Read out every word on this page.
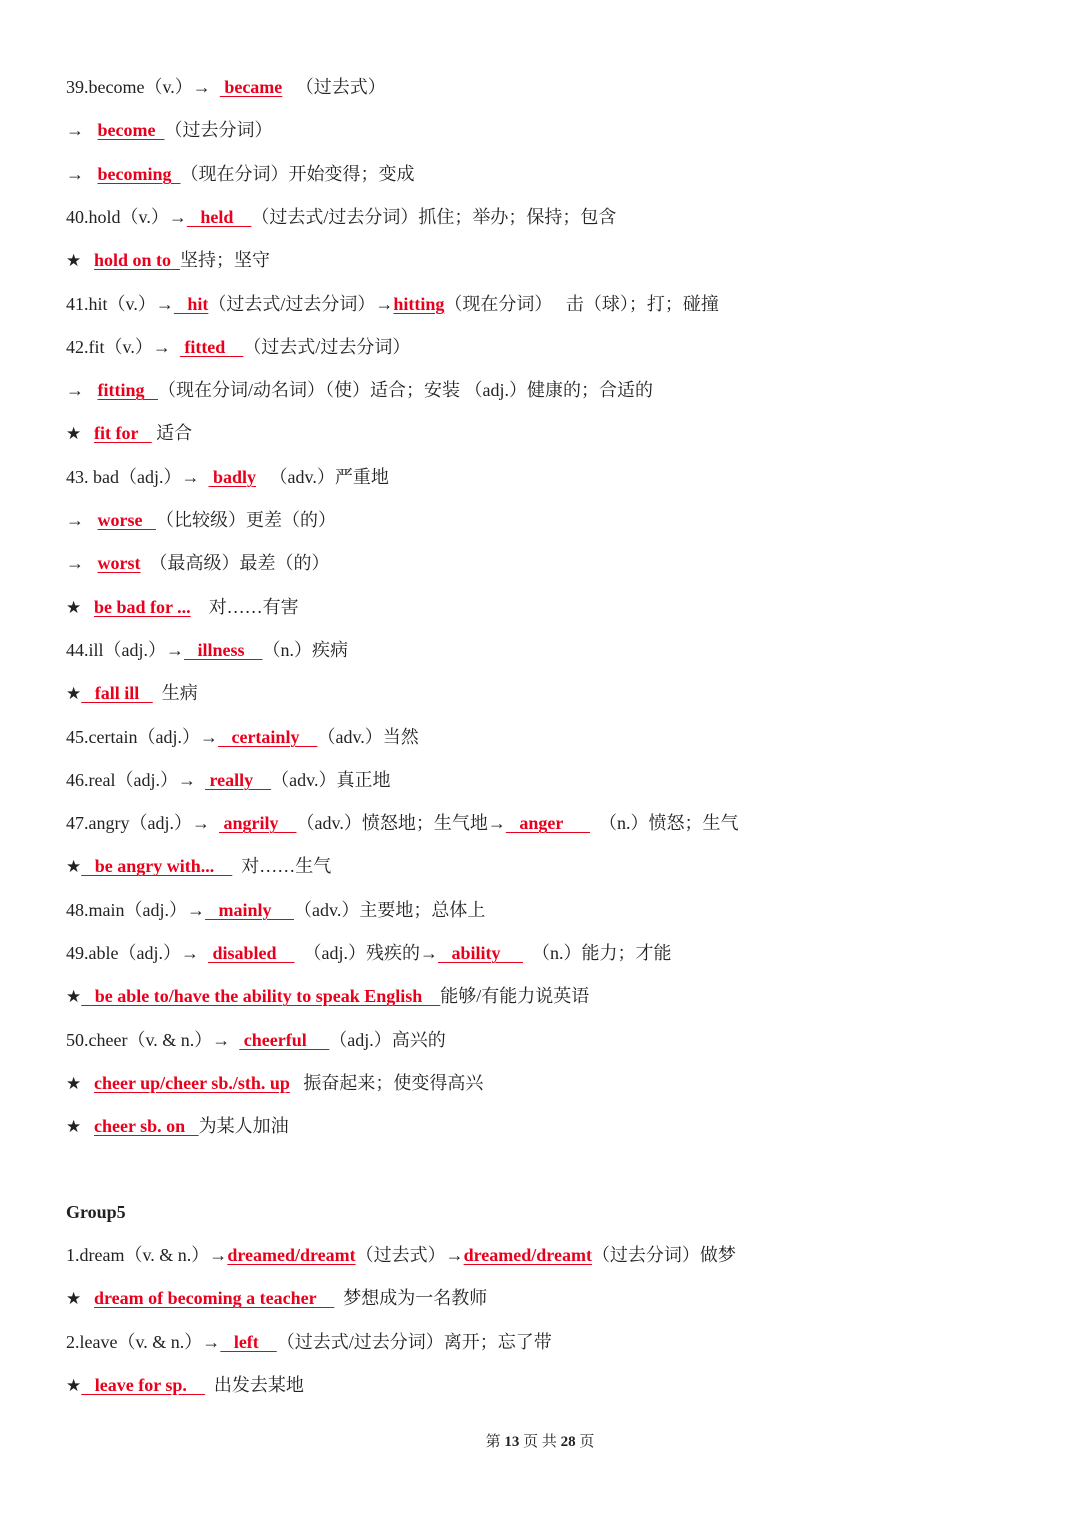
39.become（v.）→   became   （过去式）
→   become  （过去分词）
→   becoming  （现在分词）开始变得；变成
40.hold（v.）→   held    （过去式/过去分词）抓住；举办；保持；包含
★   hold on to  坚持；坚守
41.hit（v.）→   hit（过去式/过去分词）→hitting（现在分词）   击（球）；打；碰撞
42.fit（v.）→   fitted    （过去式/过去分词）
→   fitting   （现在分词/动名词）（使）适合；安装 （adj.）健康的；合适的
★   fit for    适合
43. bad（adj.）→   badly   （adv.）严重地
→   worse   （比较级）更差（的）
→   worst  （最高级）最差（的）
★   be bad for ...    对……有害
44.ill（adj.）→   illness    （n.）疾病
★   fall ill     生病
45.certain（adj.）→   certainly    （adv.）当然
46.real（adj.）→   really    （adv.）真正地
47.angry（adj.）→   angrily    （adv.）愤怒地；生气地→   anger        （n.）愤怒；生气
★   be angry with...      对……生气
48.main（adj.）→   mainly     （adv.）主要地；总体上
49.able（adj.）→   disabled      （adj.）残疾的→   ability       （n.）能力；才能
★   be able to/have the ability to speak English    能够/有能力说英语
50.cheer（v. & n.）→   cheerful     （adj.）高兴的
★   cheer up/cheer sb./sth. up   振奋起来；使变得高兴
★   cheer sb. on   为某人加油
Group5
1.dream（v. & n.）→dreamed/dreamt（过去式）→dreamed/dreamt（过去分词）做梦
★   dream of becoming a teacher      梦想成为一名教师
2.leave（v. & n.）→   left    （过去式/过去分词）离开；忘了带
★   leave for sp.      出发去某地
第 13 页 共 28 页
